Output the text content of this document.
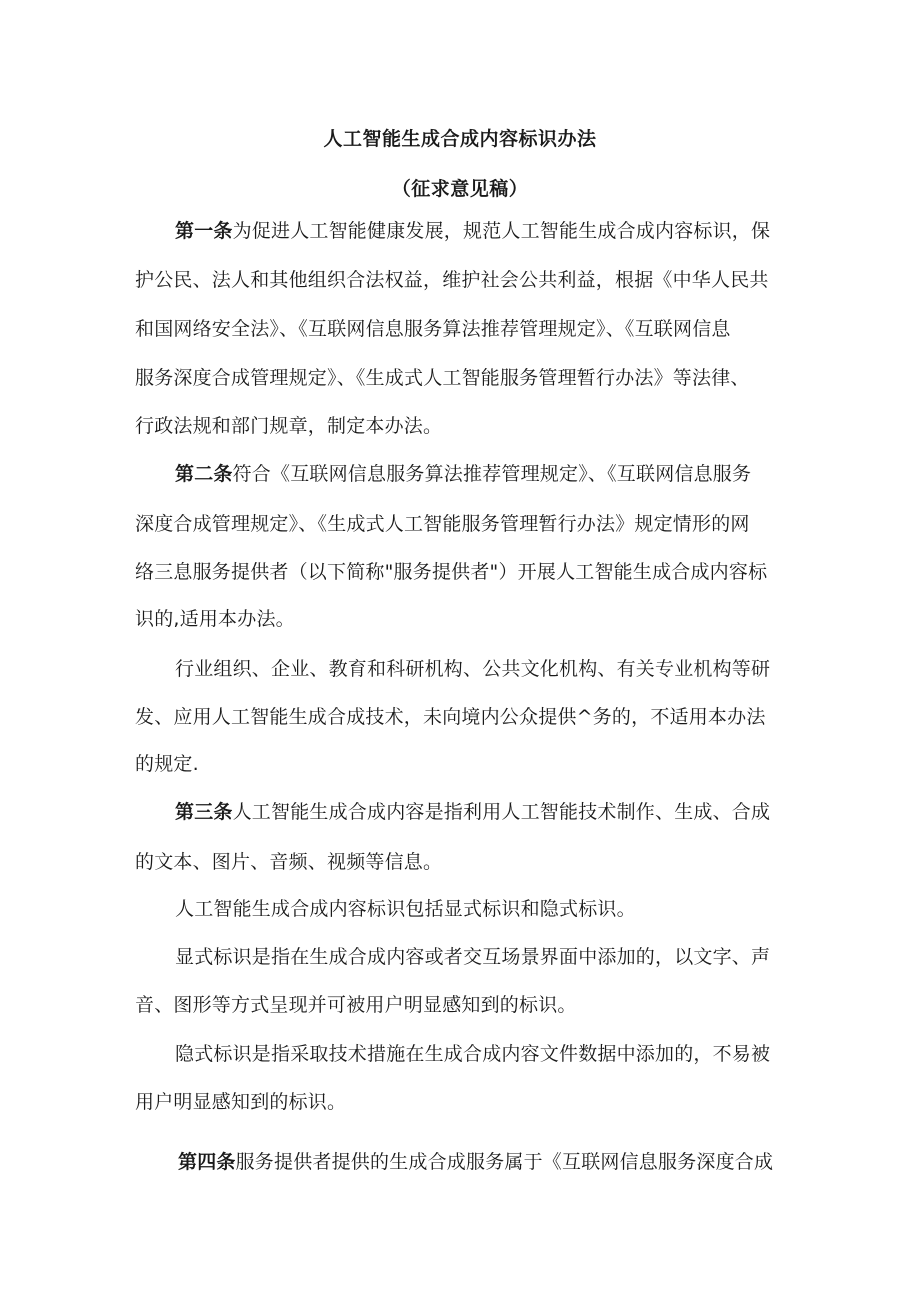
人工智能生成合成内容标识办法
（征求意见稿）
第一条为促进人工智能健康发展，规范人工智能生成合成内容标识，保
护公民、法人和其他组织合法权益，维护社会公共利益，根据《中华人民共
和国网络安全法》、《互联网信息服务算法推荐管理规定》、《互联网信息
服务深度合成管理规定》、《生成式人工智能服务管理暂行办法》等法律、
行政法规和部门规章，制定本办法。
第二条符合《互联网信息服务算法推荐管理规定》、《互联网信息服务
深度合成管理规定》、《生成式人工智能服务管理暂行办法》规定情形的网
络三息服务提供者（以下简称"服务提供者"）开展人工智能生成合成内容标
识的,适用本办法。
行业组织、企业、教育和科研机构、公共文化机构、有关专业机构等研
发、应用人工智能生成合成技术，未向境内公众提供^务的，不适用本办法
的规定.
第三条人工智能生成合成内容是指利用人工智能技术制作、生成、合成
的文本、图片、音频、视频等信息。
人工智能生成合成内容标识包括显式标识和隐式标识。
显式标识是指在生成合成内容或者交互场景界面中添加的，以文字、声
音、图形等方式呈现并可被用户明显感知到的标识。
隐式标识是指采取技术措施在生成合成内容文件数据中添加的，不易被
用户明显感知到的标识。
第四条服务提供者提供的生成合成服务属于《互联网信息服务深度合成
